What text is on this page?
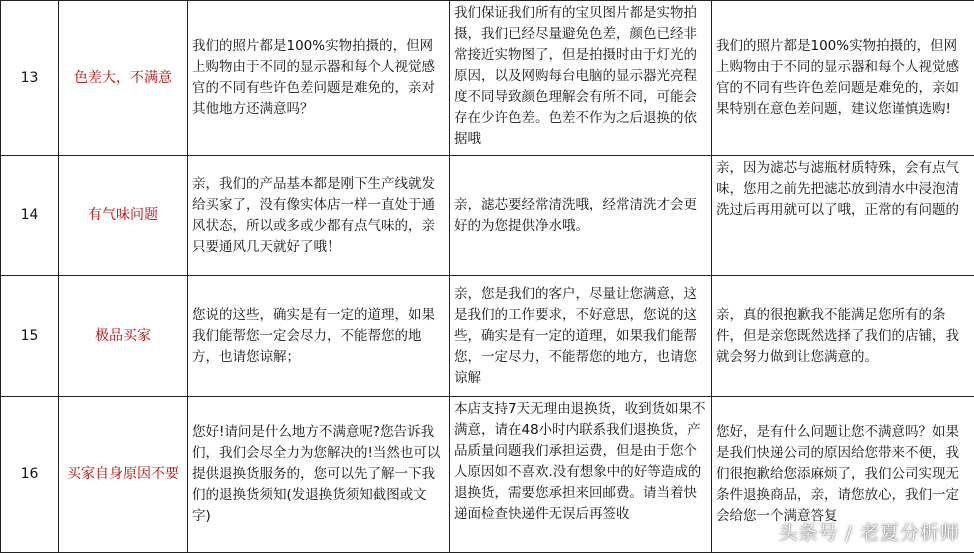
13	色差大，不满意	我们的照片都是100%实物拍摄的，但网上购物由于不同的显示器和每个人视觉感官的不同有些许色差问题是难免的，亲对其他地方还满意吗？	我们保证我们所有的宝贝图片都是实物拍摄，我们已经尽量避免色差，颜色已经非常接近实物图了，但是拍摄时由于灯光的原因，以及网购每台电脑的显示器光亮程度不同导致颜色理解会有所不同，可能会存在少许色差。色差不作为之后退换的依据哦	我们的照片都是100%实物拍摄的，但网上购物由于不同的显示器和每个人视觉感官的不同有些许色差问题是难免的，亲如果特别在意色差问题，建议您谨慎选购!
14	有气味问题	亲，我们的产品基本都是刚下生产线就发给买家了，没有像实体店一样一直处于通风状态，所以或多或少都有点气味的，亲只要通风几天就好了哦！	亲，滤芯要经常清洗哦，经常清洗才会更好的为您提供净水哦。	亲，因为滤芯与滤瓶材质特殊，会有点气味，您用之前先把滤芯放到清水中浸泡清洗过后再用就可以了哦，正常的有问题的
15	极品买家	您说的这些，确实是有一定的道理，如果我们能帮您一定会尽力，不能帮您的地方，也请您谅解；	亲，您是我们的客户，尽量让您满意，这是我们的工作要求，不好意思，您说的这些，确实是有一定的道理，如果我们能帮您，一定尽力，不能帮您的地方，也请您谅解	亲，真的很抱歉我不能满足您所有的条件，但是亲您既然选择了我们的店铺，我就会努力做到让您满意的。
16	买家自身原因不要	您好!请问是什么地方不满意呢?您告诉我们，我们会尽全力为您解决的!当然也可以提供退换货服务的，您可以先了解一下我们的退换货须知(发退换货须知截图或文字)	本店支持7天无理由退换货，收到货如果不满意，请在48小时内联系我们退换货，产品质量问题我们承担运费，但是由于您个人原因如不喜欢.没有想象中的好等造成的退换货，需要您承担来回邮费。请当着快递面检查快递件无误后再签收	您好，是有什么问题让您不满意吗？如果是我们快递公司的原因给您带来不便，我们很抱歉给您添麻烦了，我们公司实现无条件退换商品，亲，请您放心，我们一定会给您一个满意答复
头条号 / 老夏分析师
